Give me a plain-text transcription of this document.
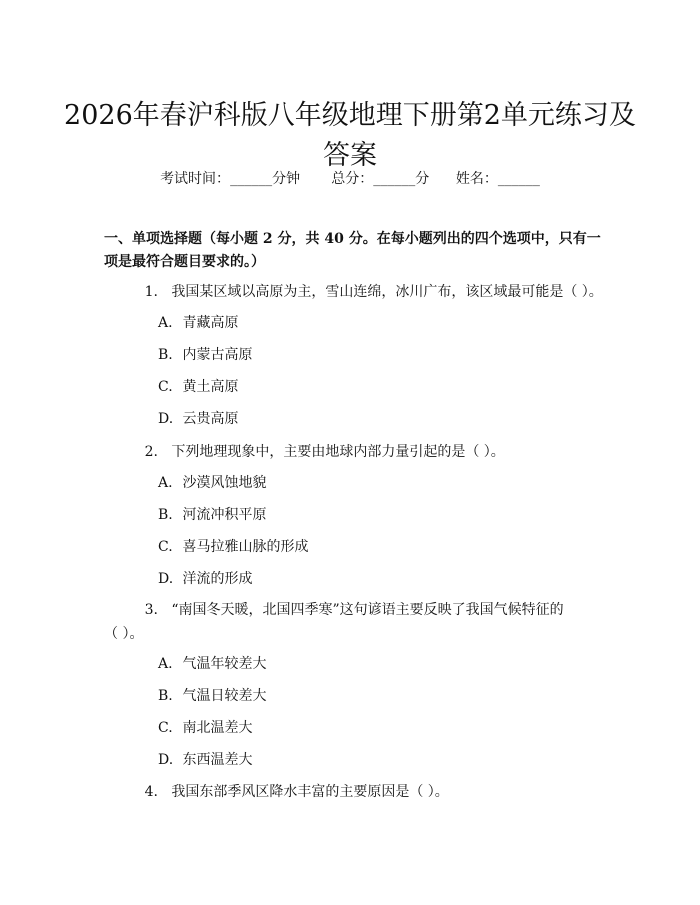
2026年春沪科版八年级地理下册第2单元练习及答案
考试时间：______分钟 总分：______分 姓名：______
一、单项选择题（每小题 2 分，共 40 分。在每小题列出的四个选项中，只有一项是最符合题目要求的。）
1. 我国某区域以高原为主，雪山连绵，冰川广布，该区域最可能是（ ）。
A. 青藏高原
B. 内蒙古高原
C. 黄土高原
D. 云贵高原
2. 下列地理现象中，主要由地球内部力量引起的是（ ）。
A. 沙漠风蚀地貌
B. 河流冲积平原
C. 喜马拉雅山脉的形成
D. 洋流的形成
3. “南国冬天暖，北国四季寒”这句谚语主要反映了我国气候特征的（ ）。
A. 气温年较差大
B. 气温日较差大
C. 南北温差大
D. 东西温差大
4. 我国东部季风区降水丰富的主要原因是（ ）。
